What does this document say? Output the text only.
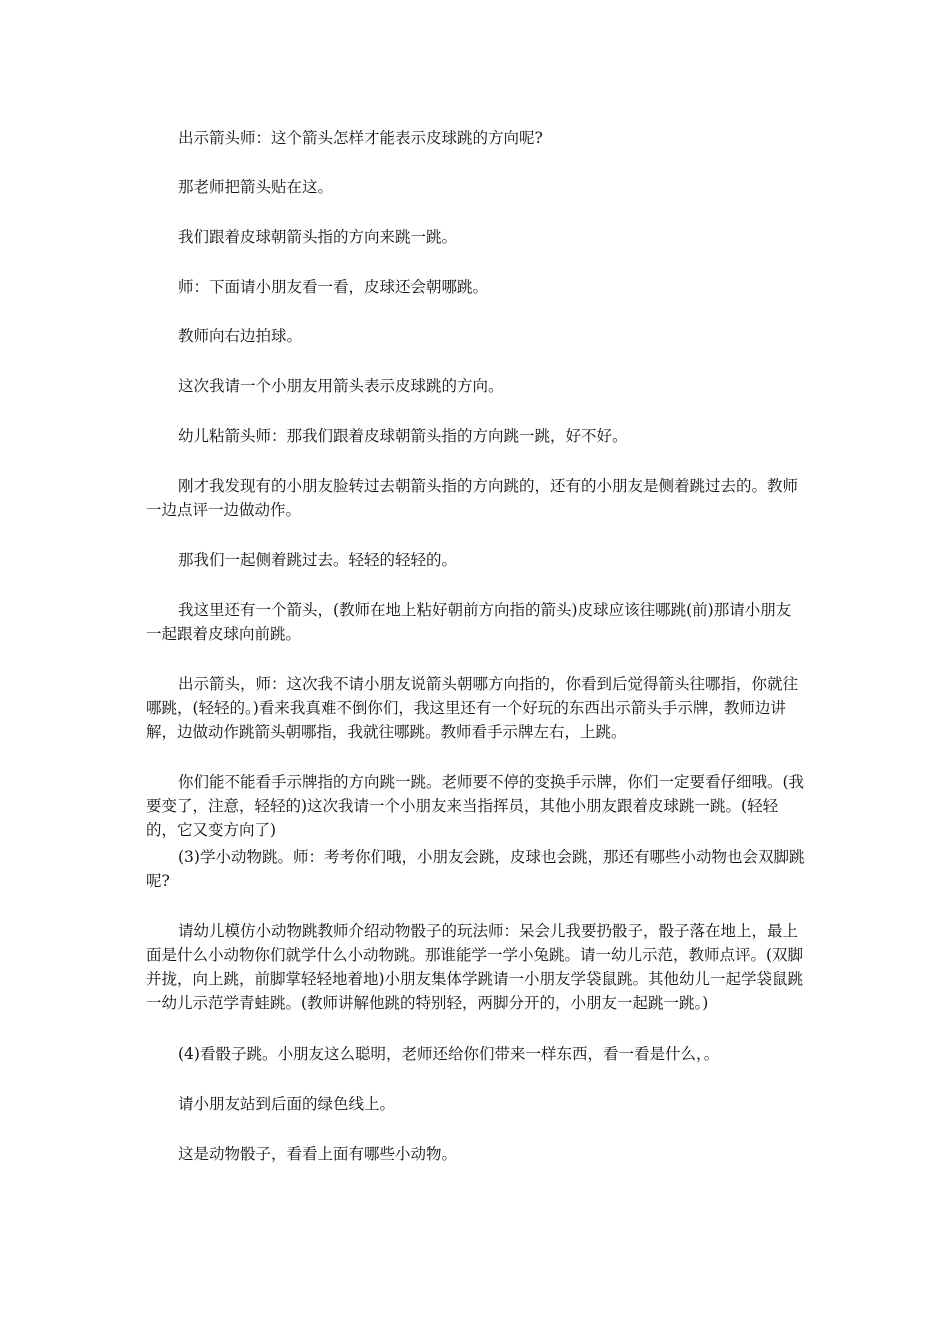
出示箭头师：这个箭头怎样才能表示皮球跳的方向呢?

那老师把箭头贴在这。

我们跟着皮球朝箭头指的方向来跳一跳。

师：下面请小朋友看一看，皮球还会朝哪跳。

教师向右边拍球。

这次我请一个小朋友用箭头表示皮球跳的方向。

幼儿粘箭头师：那我们跟着皮球朝箭头指的方向跳一跳，好不好。

刚才我发现有的小朋友脸转过去朝箭头指的方向跳的，还有的小朋友是侧着跳过去的。教师一边点评一边做动作。

那我们一起侧着跳过去。轻轻的轻轻的。

我这里还有一个箭头，(教师在地上粘好朝前方向指的箭头)皮球应该往哪跳(前)那请小朋友一起跟着皮球向前跳。

出示箭头，师：这次我不请小朋友说箭头朝哪方向指的，你看到后觉得箭头往哪指，你就往哪跳，(轻轻的。)看来我真难不倒你们，我这里还有一个好玩的东西出示箭头手示牌，教师边讲解，边做动作跳箭头朝哪指，我就往哪跳。教师看手示牌左右，上跳。

你们能不能看手示牌指的方向跳一跳。老师要不停的变换手示牌，你们一定要看仔细哦。(我要变了，注意，轻轻的)这次我请一个小朋友来当指挥员，其他小朋友跟着皮球跳一跳。(轻轻的，它又变方向了)

(3)学小动物跳。师：考考你们哦，小朋友会跳，皮球也会跳，那还有哪些小动物也会双脚跳呢?

请幼儿模仿小动物跳教师介绍动物骰子的玩法师：呆会儿我要扔骰子，骰子落在地上，最上面是什么小动物你们就学什么小动物跳。那谁能学一学小兔跳。请一幼儿示范，教师点评。(双脚并拢，向上跳，前脚掌轻轻地着地)小朋友集体学跳请一小朋友学袋鼠跳。其他幼儿一起学袋鼠跳一幼儿示范学青蛙跳。(教师讲解他跳的特别轻，两脚分开的，小朋友一起跳一跳。)

(4)看骰子跳。小朋友这么聪明，老师还给你们带来一样东西，看一看是什么，。

请小朋友站到后面的绿色线上。

这是动物骰子，看看上面有哪些小动物。
